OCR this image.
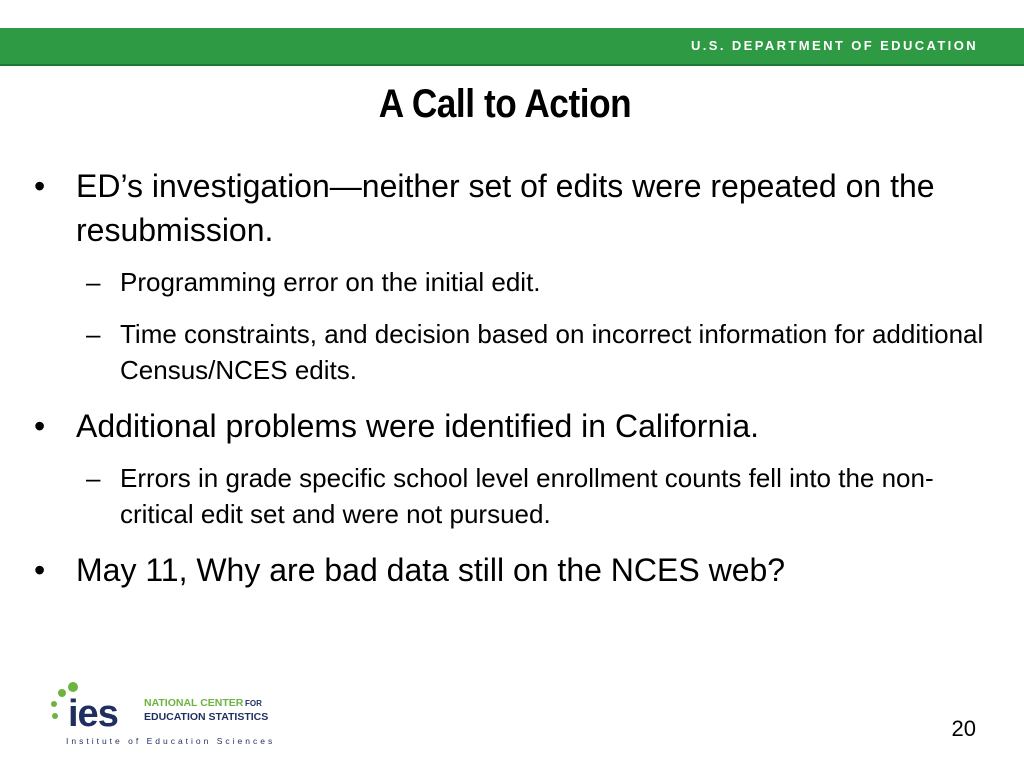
U.S. DEPARTMENT OF EDUCATION
A Call to Action
• ED’s investigation—neither set of edits were repeated on the resubmission.
– Programming error on the initial edit.
– Time constraints, and decision based on incorrect information for additional Census/NCES edits.
• Additional problems were identified in California.
– Errors in grade specific school level enrollment counts fell into the non-critical edit set and were not pursued.
• May 11, Why are bad data still on the NCES web?
ies NATIONAL CENTER FOR
EDUCATION STATISTICS
Institute of Education Sciences	20
